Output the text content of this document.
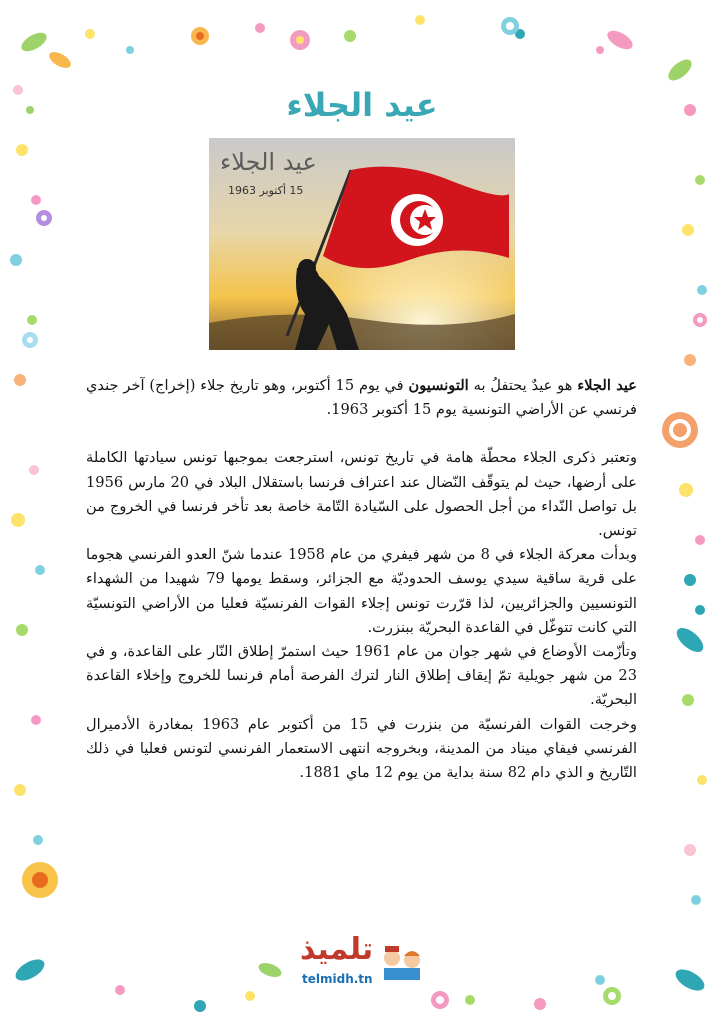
عيد الجلاء
عيد الجلاء
15 أكتوبر 1963

عيد الجلاء هو عيدٌ يحتفلُ به التونسيون في يوم 15 أكتوبر، وهو تاريخ جلاء (إخراج) آخر جندي فرنسي عن الأراضي التونسية يوم 15 أكتوبر 1963.

وتعتبر ذكرى الجلاء محطّة هامة في تاريخ تونس، استرجعت بموجبها تونس سيادتها الكاملة على أرضها، حيث لم يتوقّف النّضال عند اعتراف فرنسا باستقلال البلاد في 20 مارس 1956 بل تواصل النّداء من أجل الحصول على السّيادة التّامة خاصة بعد تأخر فرنسا في الخروج من تونس.

وبدأت معركة الجلاء في 8 من شهر فيفري من عام 1958 عندما شنّ العدو الفرنسي هجوما على قرية ساقية سيدي يوسف الحدوديّة مع الجزائر، وسقط يومها 79 شهيدا من الشهداء التونسيين والجزائريين، لذا قرّرت تونس إجلاء القوات الفرنسيّة فعليا من الأراضي التونسيّة التي كانت تتوغّل في القاعدة البحريّة ببنزرت.

وتأزّمت الأوضاع في شهر جوان من عام 1961 حيث استمرّ إطلاق النّار على القاعدة، و في 23 من شهر جويلية تمّ إيقاف إطلاق النار لترك الفرصة أمام فرنسا للخروج وإخلاء القاعدة البحريّة.

وخرجت القوات الفرنسيّة من بنزرت في 15 من أكتوبر عام 1963 بمغادرة الأدميرال الفرنسي فيفاي ميناد من المدينة، وبخروجه انتهى الاستعمار الفرنسي لتونس فعليا في ذلك التّاريخ و الذي دام 82 سنة بداية من يوم 12 ماي 1881.

تلميذ
telmidh.tn
